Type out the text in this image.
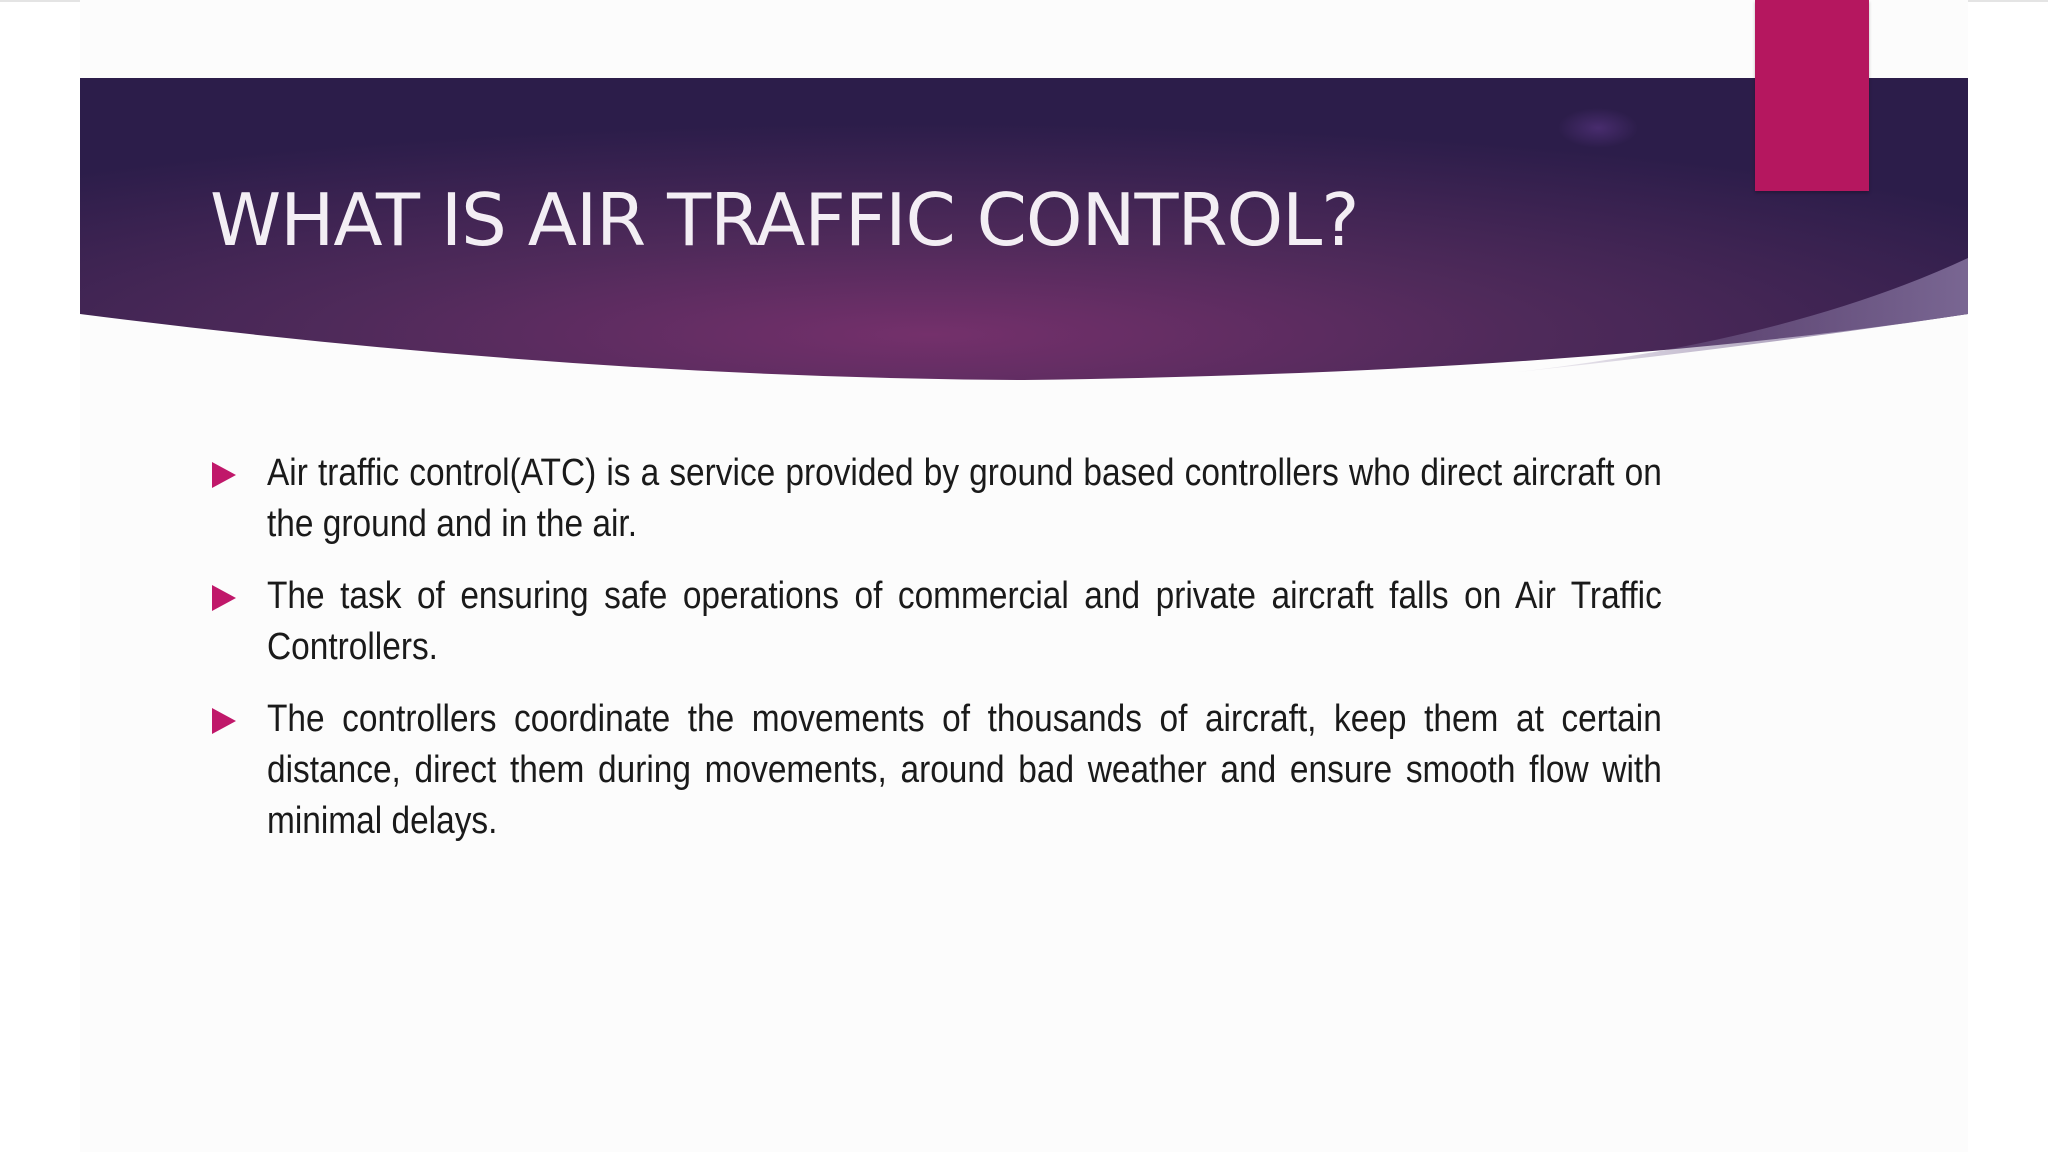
WHAT IS AIR TRAFFIC CONTROL?
Air traffic control(ATC) is a service provided by ground based controllers who direct aircraft on the ground and in the air.
The task of ensuring safe operations of commercial and private aircraft falls on Air Traffic Controllers.
The controllers coordinate the movements of thousands of aircraft, keep them at certain distance, direct them during movements, around bad weather and ensure smooth flow with minimal delays.
